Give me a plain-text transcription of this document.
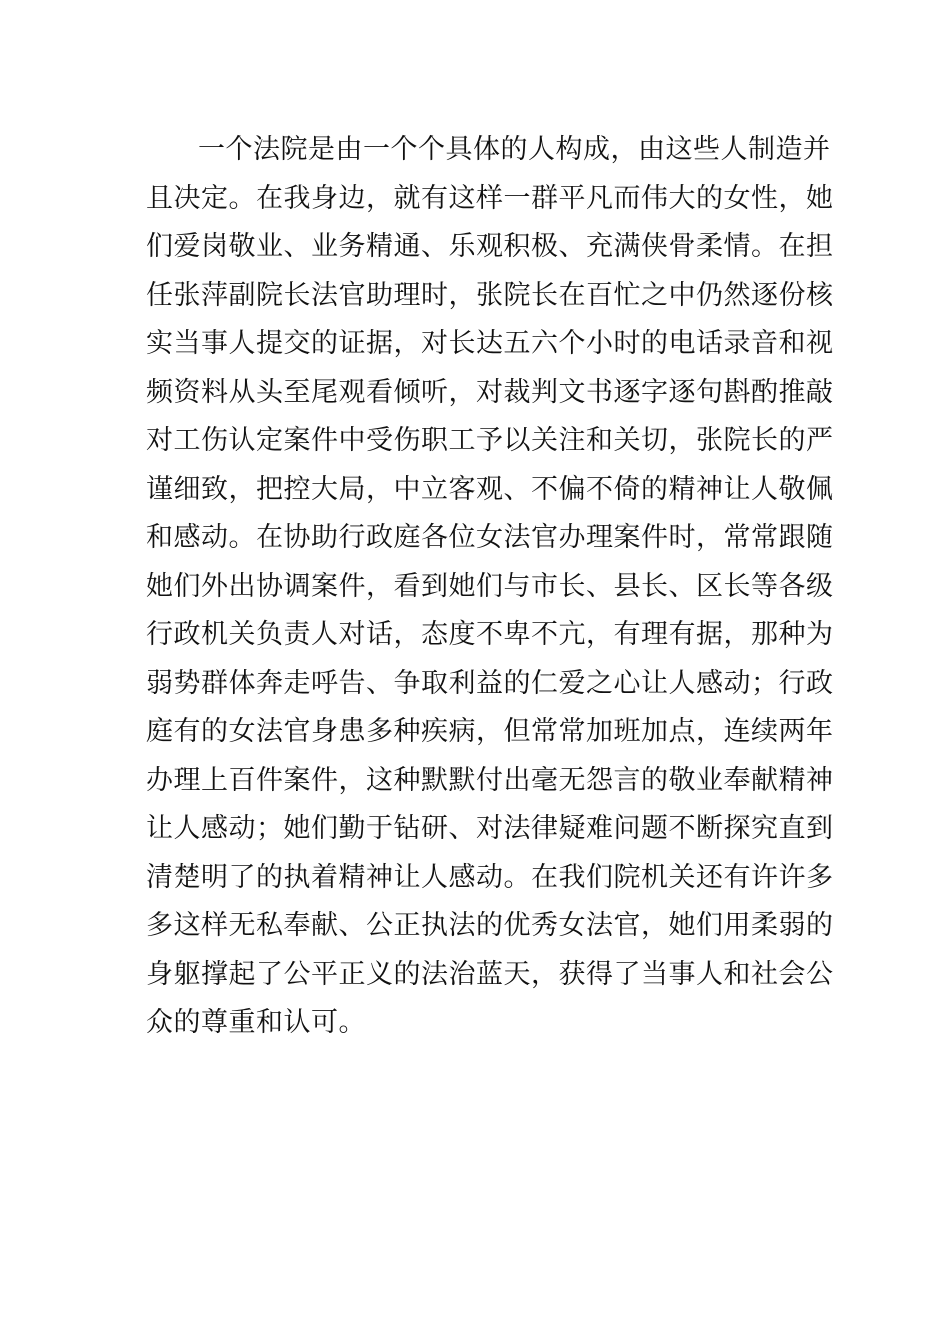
一个法院是由一个个具体的人构成，由这些人制造并
且决定。在我身边，就有这样一群平凡而伟大的女性，她
们爱岗敬业、业务精通、乐观积极、充满侠骨柔情。在担
任张萍副院长法官助理时，张院长在百忙之中仍然逐份核
实当事人提交的证据，对长达五六个小时的电话录音和视
频资料从头至尾观看倾听，对裁判文书逐字逐句斟酌推敲
对工伤认定案件中受伤职工予以关注和关切，张院长的严
谨细致，把控大局，中立客观、不偏不倚的精神让人敬佩
和感动。在协助行政庭各位女法官办理案件时，常常跟随
她们外出协调案件，看到她们与市长、县长、区长等各级
行政机关负责人对话，态度不卑不亢，有理有据，那种为
弱势群体奔走呼告、争取利益的仁爱之心让人感动；行政
庭有的女法官身患多种疾病，但常常加班加点，连续两年
办理上百件案件，这种默默付出毫无怨言的敬业奉献精神
让人感动；她们勤于钻研、对法律疑难问题不断探究直到
清楚明了的执着精神让人感动。在我们院机关还有许许多
多这样无私奉献、公正执法的优秀女法官，她们用柔弱的
身躯撑起了公平正义的法治蓝天，获得了当事人和社会公
众的尊重和认可。
